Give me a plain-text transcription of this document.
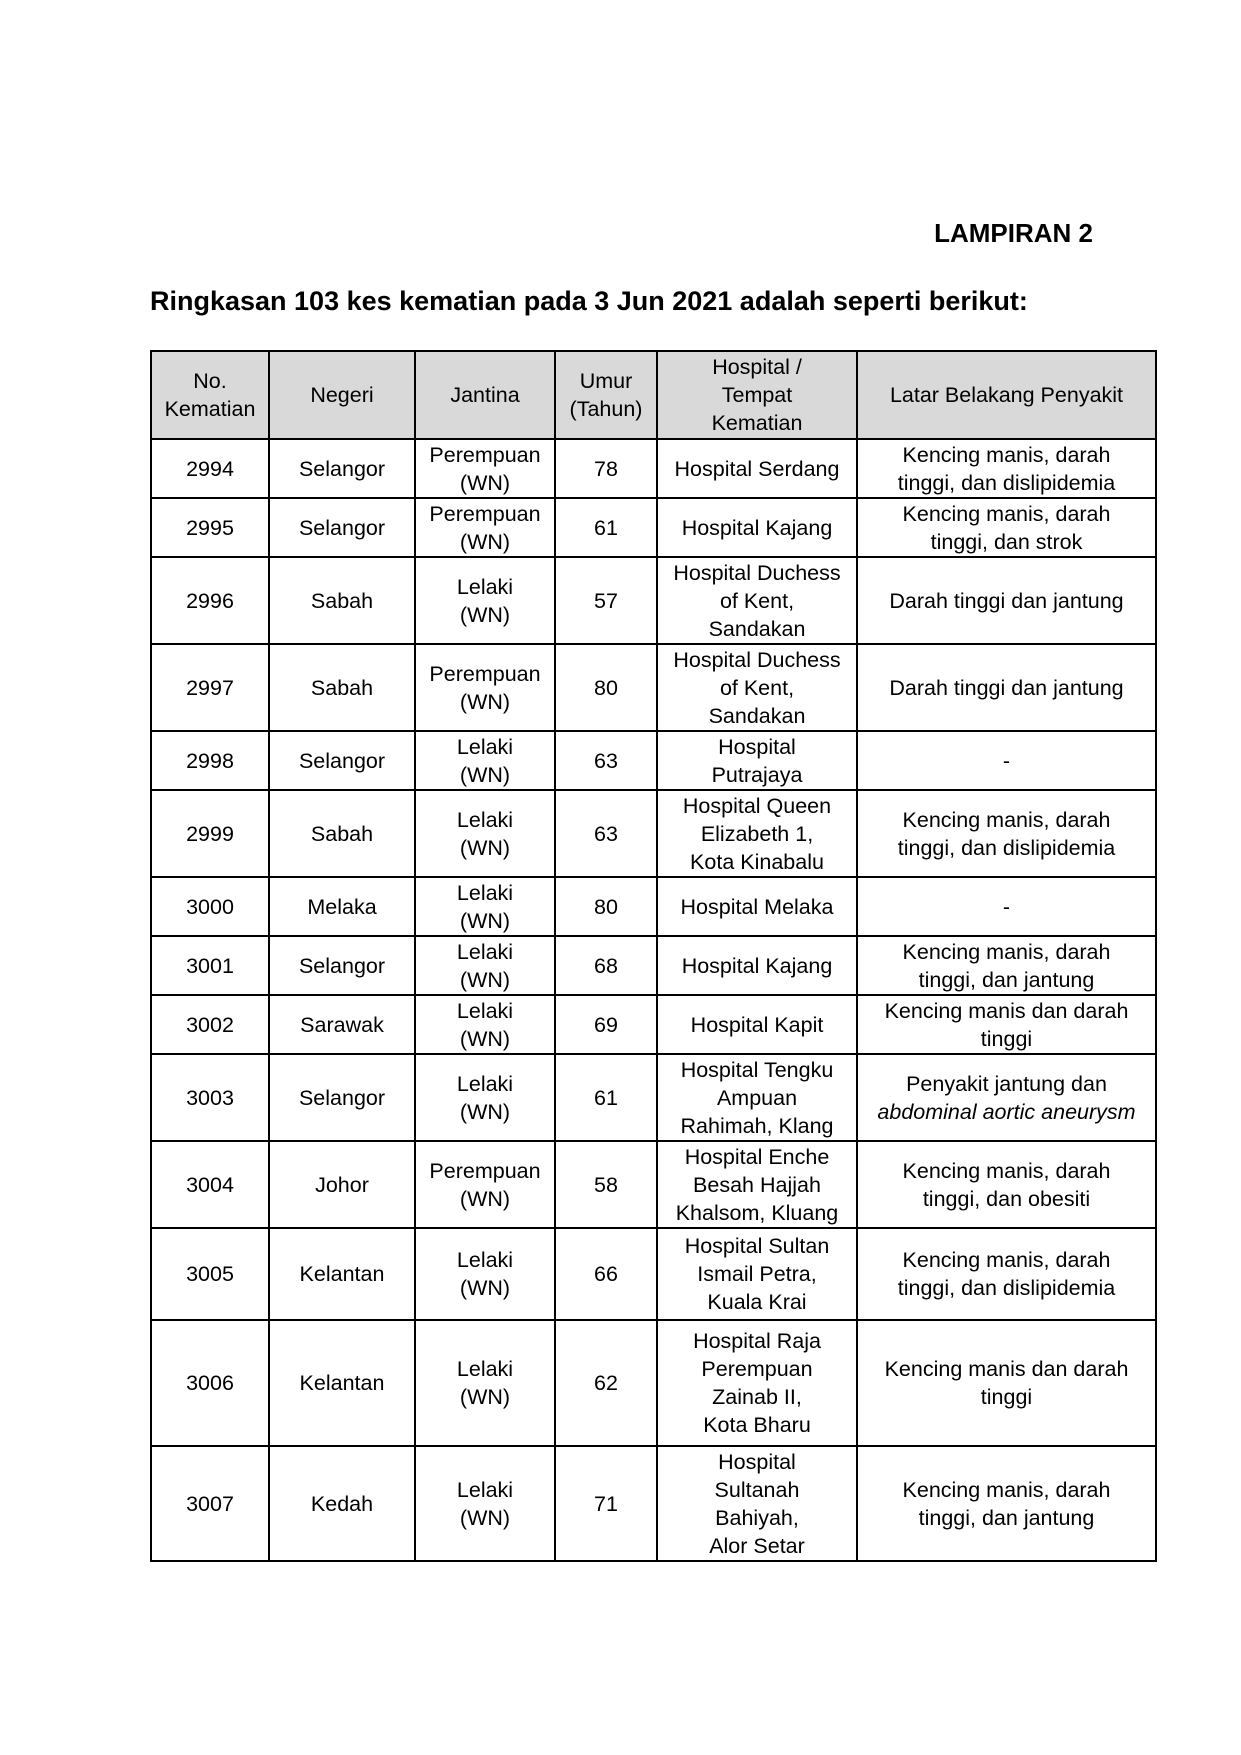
LAMPIRAN 2
Ringkasan 103 kes kematian pada 3 Jun 2021 adalah seperti berikut:
No.
Kematian	Negeri	Jantina	Umur
(Tahun)	Hospital /
Tempat
Kematian	Latar Belakang Penyakit

2994	Selangor	Perempuan
(WN)	78	Hospital Serdang	Kencing manis, darah
tinggi, dan dislipidemia

2995	Selangor	Perempuan
(WN)	61	Hospital Kajang	Kencing manis, darah
tinggi, dan strok

2996	Sabah	Lelaki
(WN)	57	Hospital Duchess
of Kent,
Sandakan	Darah tinggi dan jantung

2997	Sabah	Perempuan
(WN)	80	Hospital Duchess
of Kent,
Sandakan	Darah tinggi dan jantung

2998	Selangor	Lelaki
(WN)	63	Hospital
Putrajaya	-

2999	Sabah	Lelaki
(WN)	63	Hospital Queen
Elizabeth 1,
Kota Kinabalu	Kencing manis, darah
tinggi, dan dislipidemia

3000	Melaka	Lelaki
(WN)	80	Hospital Melaka	-

3001	Selangor	Lelaki
(WN)	68	Hospital Kajang	Kencing manis, darah
tinggi, dan jantung

3002	Sarawak	Lelaki
(WN)	69	Hospital Kapit	Kencing manis dan darah
tinggi

3003	Selangor	Lelaki
(WN)	61	Hospital Tengku
Ampuan
Rahimah, Klang	Penyakit jantung dan
abdominal aortic aneurysm

3004	Johor	Perempuan
(WN)	58	Hospital Enche
Besah Hajjah
Khalsom, Kluang	Kencing manis, darah
tinggi, dan obesiti

3005	Kelantan	Lelaki
(WN)	66	Hospital Sultan
Ismail Petra,
Kuala Krai	Kencing manis, darah
tinggi, dan dislipidemia

3006	Kelantan	Lelaki
(WN)	62	Hospital Raja
Perempuan
Zainab II,
Kota Bharu	Kencing manis dan darah
tinggi

3007	Kedah	Lelaki
(WN)	71	Hospital
Sultanah
Bahiyah,
Alor Setar	Kencing manis, darah
tinggi, dan jantung
